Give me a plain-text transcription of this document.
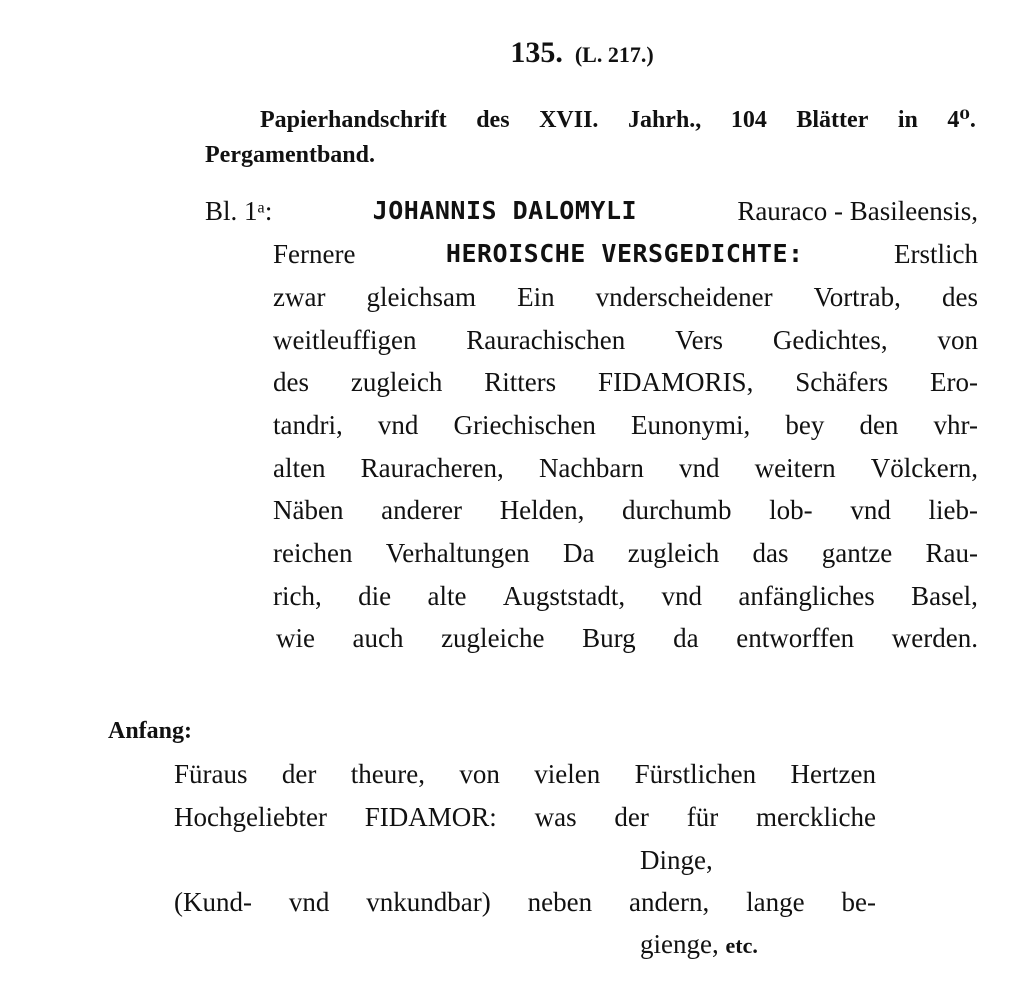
135. (L. 217.)
Papierhandschrift des XVII. Jahrh., 104 Blätter in 4⁰.
Pergamentband.
Bl. 1ᵃ:	JOHANNIS DALOMYLI	Rauraco - Basileensis,
Fernere	HEROISCHE VERSGEDICHTE:	Erstlich
zwar gleichsam Ein vnderscheidener Vortrab, des
weitleuffigen Raurachischen Vers Gedichtes, von
des zugleich Ritters FIDAMORIS, Schäfers Ero-
tandri, vnd Griechischen Eunonymi, bey den vhr-
alten Rauracheren, Nachbarn vnd weitern Völckern,
Näben anderer Helden, durchumb lob- vnd lieb-
reichen Verhaltungen Da zugleich das gantze Rau-
rich, die alte Augststadt, vnd anfängliches Basel,
wie auch zugleiche Burg da entworffen werden.
Anfang:
Füraus der theure, von vielen Fürstlichen Hertzen
Hochgeliebter FIDAMOR: was der für merckliche
Dinge,
(Kund- vnd vnkundbar) neben andern, lange be-
gienge, etc.
